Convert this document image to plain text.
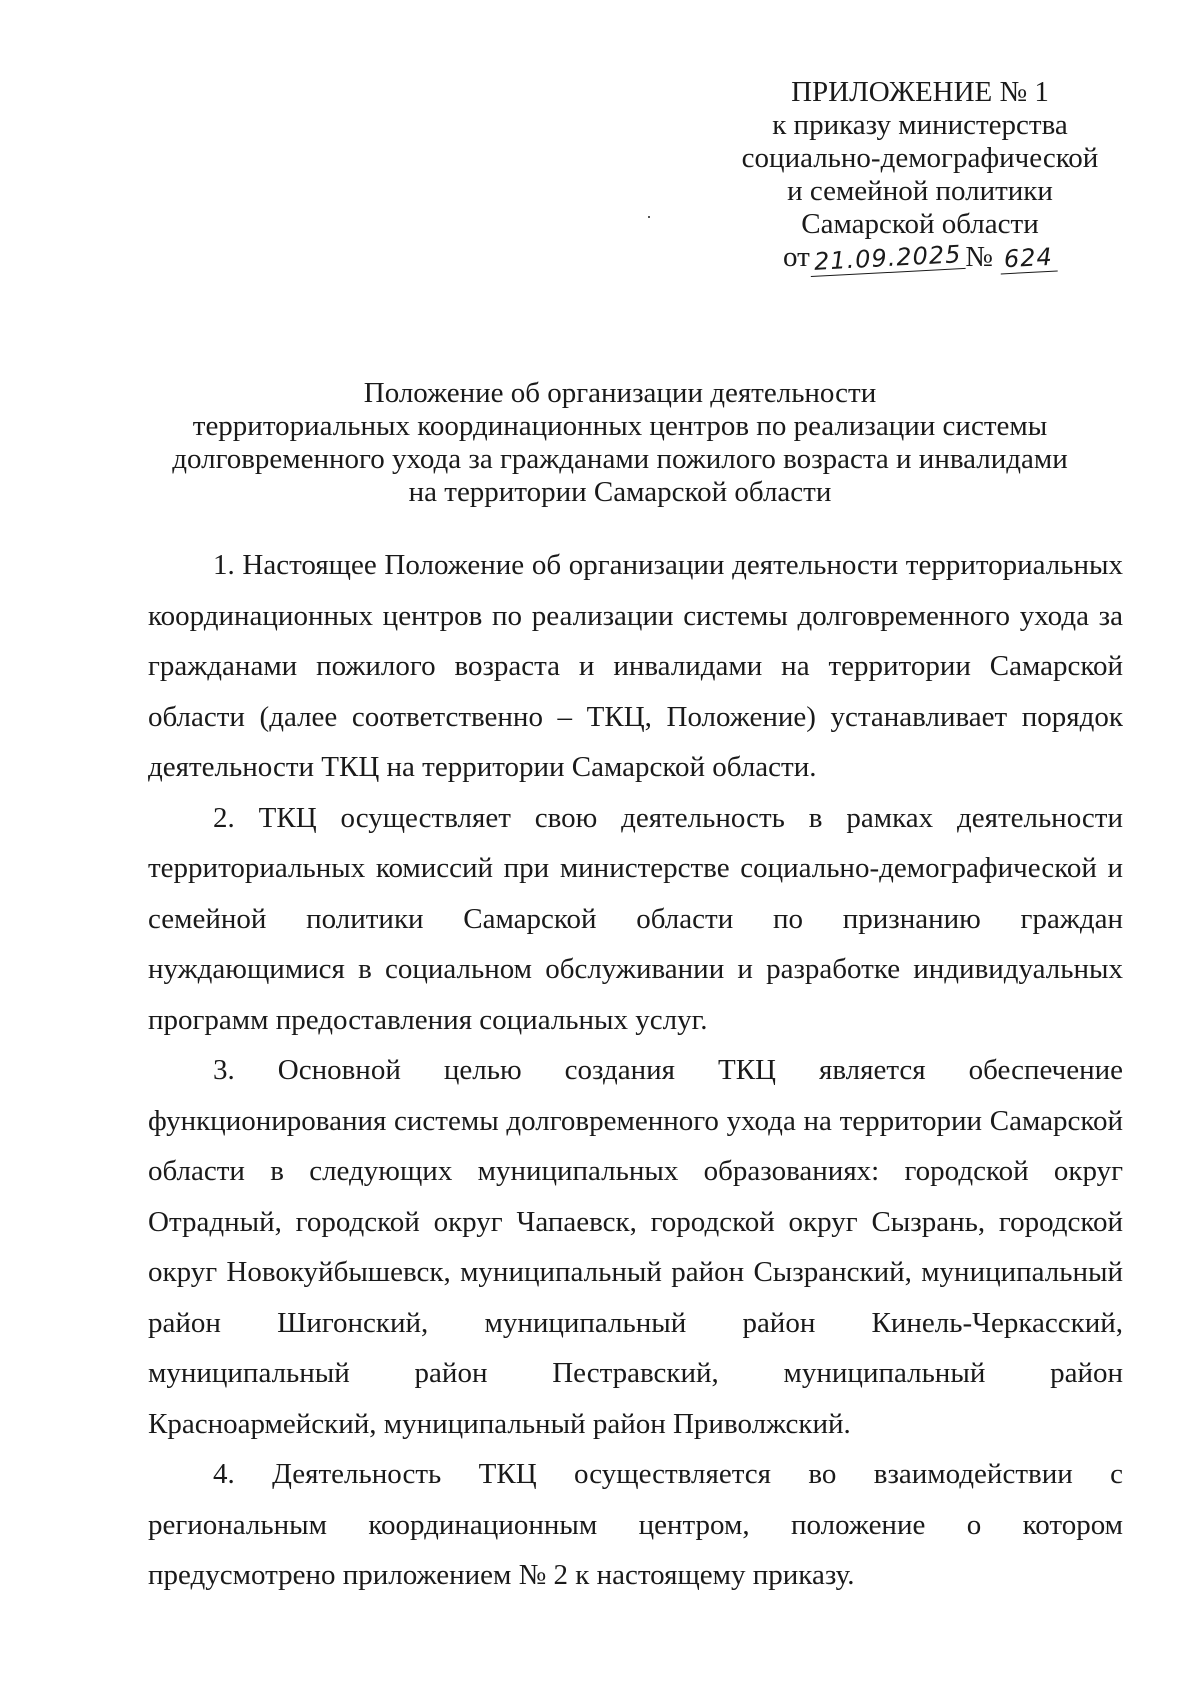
ПРИЛОЖЕНИЕ № 1
к приказу министерства
социально-демографической
и семейной политики
Самарской области
от 21.09.2025 № 624
Положение об организации деятельности
территориальных координационных центров по реализации системы
долговременного ухода за гражданами пожилого возраста и инвалидами
на территории Самарской области

1. Настоящее Положение об организации деятельности территориальных координационных центров по реализации системы долговременного ухода за гражданами пожилого возраста и инвалидами на территории Самарской области (далее соответственно – ТКЦ, Положение) устанавливает порядок деятельности ТКЦ на территории Самарской области.

2. ТКЦ осуществляет свою деятельность в рамках деятельности территориальных комиссий при министерстве социально-демографической и семейной политики Самарской области по признанию граждан нуждающимися в социальном обслуживании и разработке индивидуальных программ предоставления социальных услуг.

3. Основной целью создания ТКЦ является обеспечение функционирования системы долговременного ухода на территории Самарской области в следующих муниципальных образованиях: городской округ Отрадный, городской округ Чапаевск, городской округ Сызрань, городской округ Новокуйбышевск, муниципальный район Сызранский, муниципальный район Шигонский, муниципальный район Кинель-Черкасский, муниципальный район Пестравский, муниципальный район Красноармейский, муниципальный район Приволжский.

4. Деятельность ТКЦ осуществляется во взаимодействии с региональным координационным центром, положение о котором предусмотрено приложением № 2 к настоящему приказу.
